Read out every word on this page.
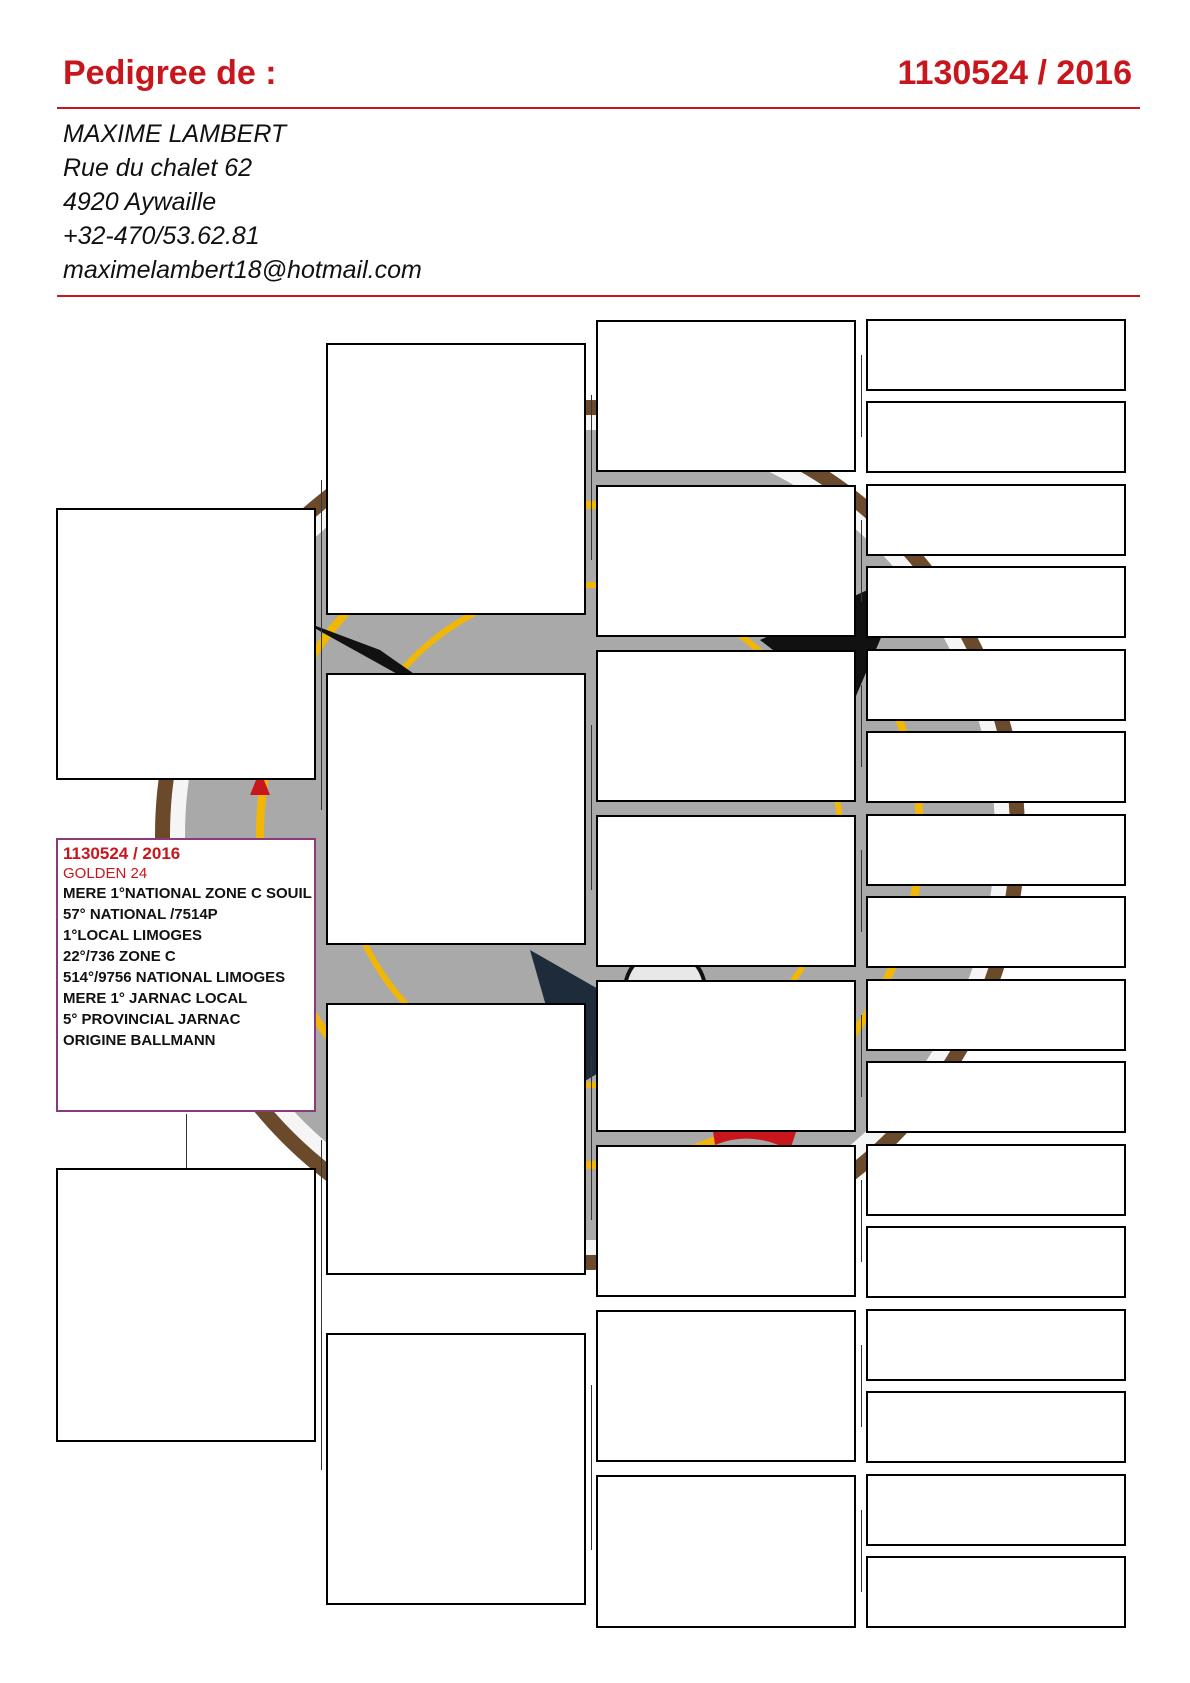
Pedigree de :	1130524 / 2016
MAXIME LAMBERT
Rue du chalet 62
4920 Aywaille
+32-470/53.62.81
maximelambert18@hotmail.com
1130524 / 2016
GOLDEN 24
MERE 1°NATIONAL ZONE C SOUIL
57° NATIONAL /7514P
1°LOCAL LIMOGES
22°/736 ZONE C
514°/9756 NATIONAL LIMOGES
MERE 1° JARNAC LOCAL
5° PROVINCIAL JARNAC
ORIGINE BALLMANN
